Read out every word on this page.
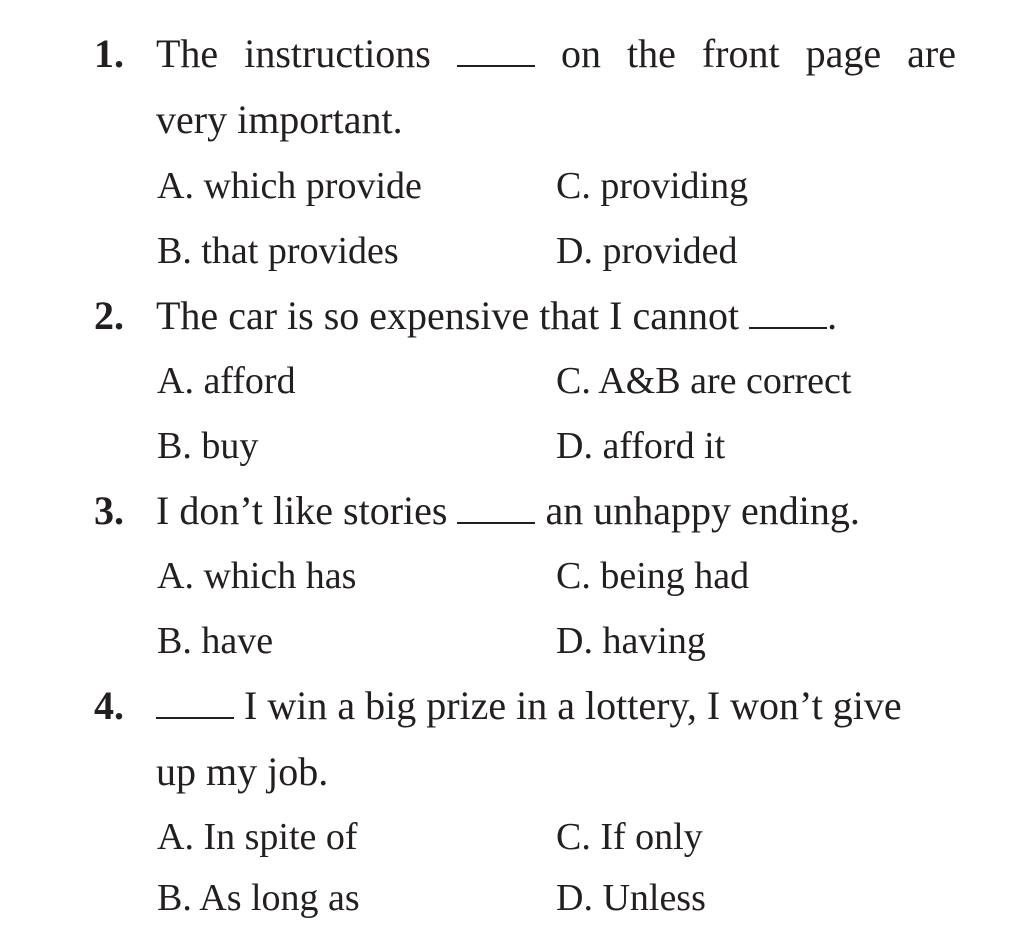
1. The instructions	on the front page are
very important.
A. which provide	C. providing
B. that provides	D. provided
2. The car is so expensive that I cannot .
A. afford	C. A&B are correct
B. buy	D. afford it
3. I don’t like stories an unhappy ending.
A. which has	C. being had
B. have	D. having
4.	I win a big prize in a lottery, I won’t give
up my job.
A. In spite of	C. If only
B. As long as	D. Unless
